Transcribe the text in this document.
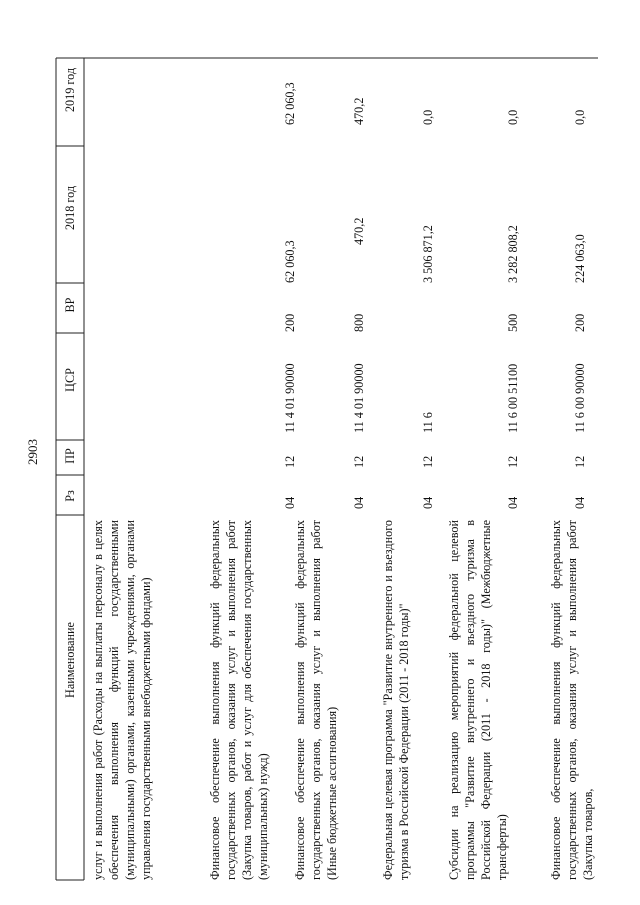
2903
2019 год
2018 год
ВР
ЦСР
ПР
Рз
Наименование услуг и выполнения работ (Расходы на выплаты персоналу в целях обеспечения выполнения функций государственными (муниципальными) органами, казенными учреждениями, органами управления государственными внебюджетными фондами)	Финансовое обеспечение выполнения функций федеральных государственных органов, оказания услуг и выполнения работ (Закупка товаров, работ и услуг для обеспечения государственных (муниципальных) нужд)
04
12
11 4 01 90000
200
62 060,3
62 060,3
Финансовое обеспечение выполнения функций федеральных государственных органов, оказания услуг и выполнения работ (Иные бюджетные ассигнования)
04
12
11 4 01 90000
800
470,2
470,2
Федеральная целевая программа "Развитие внутреннего и въездного туризма в Российской Федерации (2011 - 2018 годы)"
04
12
11 6
3 506 871,2
0,0
Субсидии на реализацию мероприятий федеральной целевой программы "Развитие внутреннего и въездного туризма в Российской Федерации (2011 - 2018 годы)" (Межбюджетные трансферты)
04
12
11 6 00 51100
500
3 282 808,2
0,0
Финансовое обеспечение выполнения функций федеральных государственных органов, оказания услуг и выполнения работ (Закупка товаров,
04
12
11 6 00 90000
200
224 063,0
0,0
